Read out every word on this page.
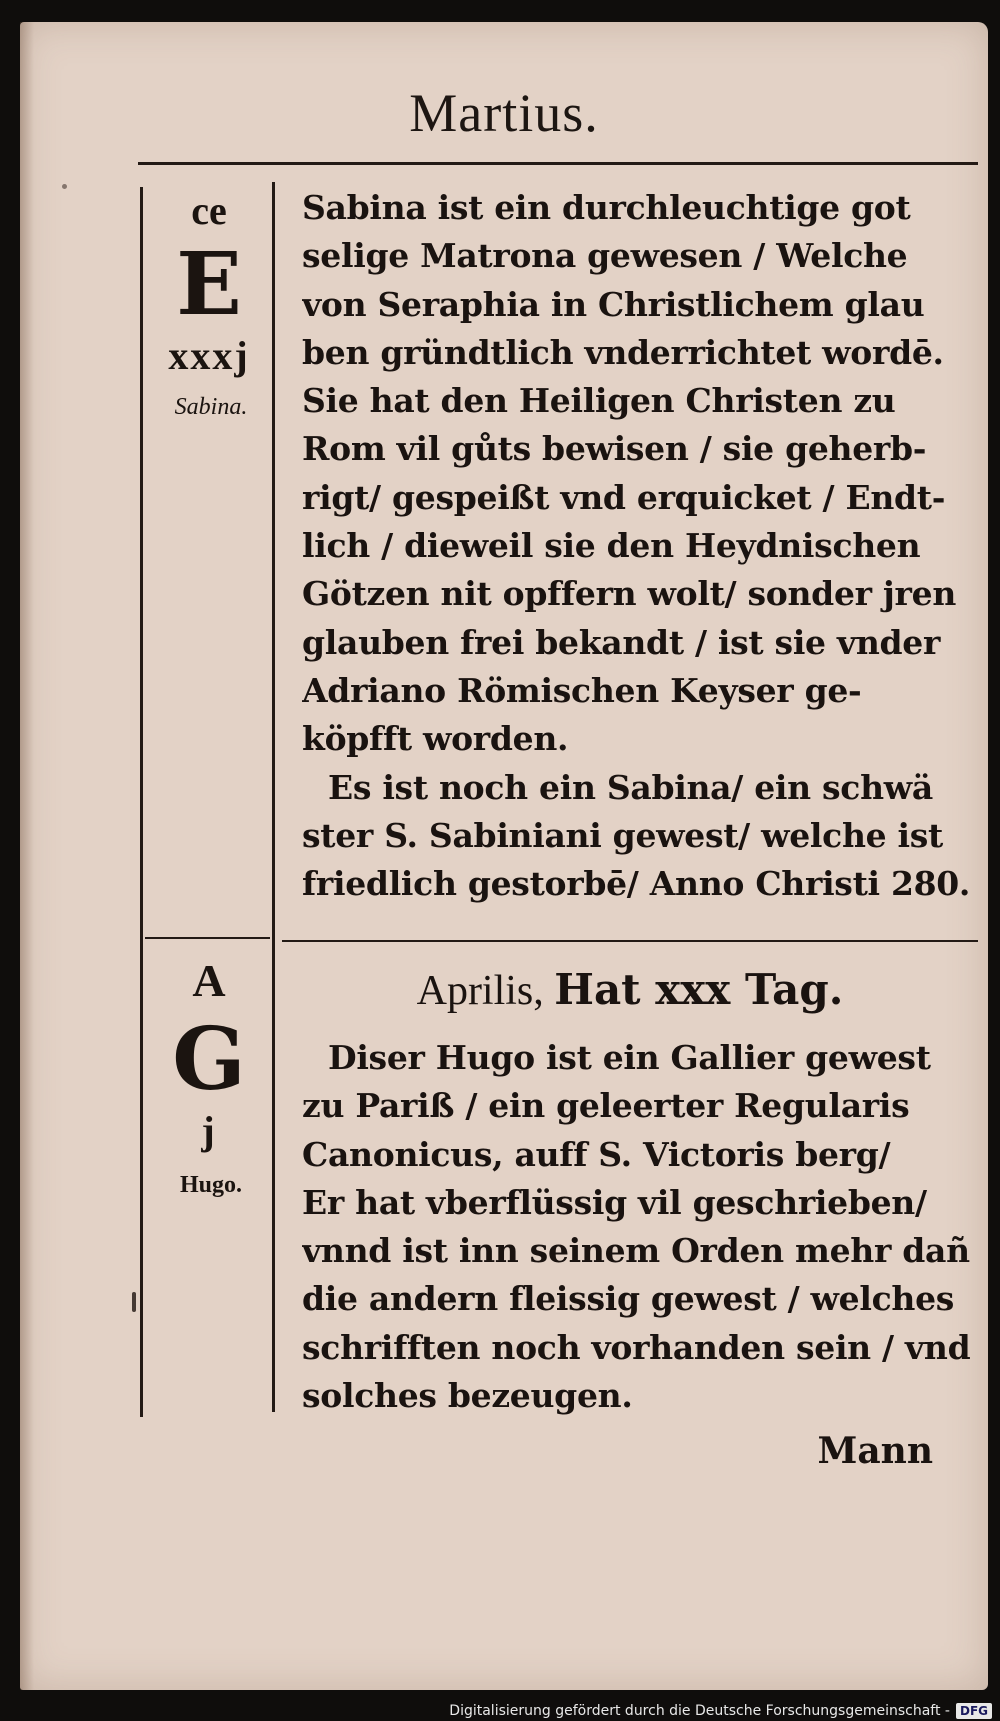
Martius.
ce
E
xxxj
Sabina.
Sabina ist ein durchleuchtige got
selige Matrona gewesen / Welche
von Seraphia in Christlichem glau
ben gründtlich vnderrichtet wordē.
Sie hat den Heiligen Christen zu
Rom vil gůts bewisen / sie geherb-
rigt/ gespeißt vnd erquicket / Endt-
lich / dieweil sie den Heydnischen
Götzen nit opffern wolt/ sonder jren
glauben frei bekandt / ist sie vnder
Adriano Römischen Keyser ge-
köpfft worden.
Es ist noch ein Sabina/ ein schwä
ster S. Sabiniani gewest/ welche ist
friedlich gestorbē/ Anno Christi 280.
Aprilis, Hat xxx Tag.
A
G
j
Hugo.
Diser Hugo ist ein Gallier gewest
zu Pariß / ein geleerter Regularis
Canonicus, auff S. Victoris berg/
Er hat vberflüssig vil geschrieben/
vnnd ist inn seinem Orden mehr dañ
die andern fleissig gewest / welches
schrifften noch vorhanden sein / vnd
solches bezeugen.
Mann
Digitalisierung gefördert durch die Deutsche Forschungsgemeinschaft - DFG
